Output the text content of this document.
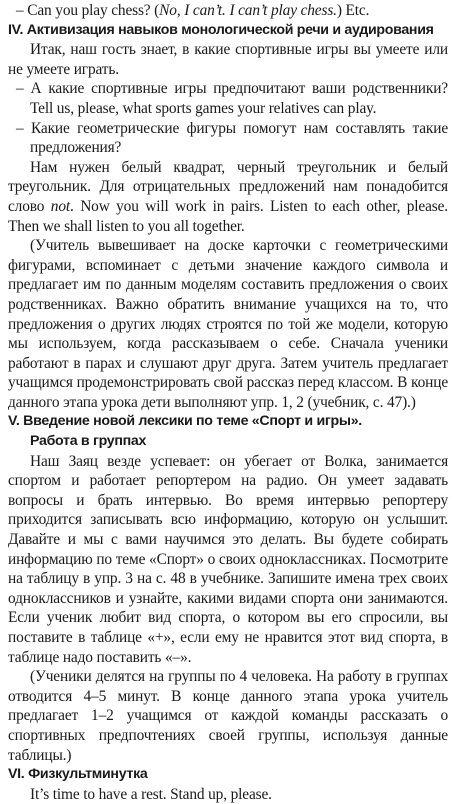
– Can you play chess? (No, I can’t. I can’t play chess.) Etc.

IV. Активизация навыков монологической речи и аудирования

Итак, наш гость знает, в какие спортивные игры вы умеете или не умеете играть.

– А какие спортивные игры предпочитают ваши родственники? Tell us, please, what sports games your relatives can play.

– Какие геометрические фигуры помогут нам составлять такие предложения?

Нам нужен белый квадрат, черный треугольник и белый треугольник. Для отрицательных предложений нам понадобится слово not. Now you will work in pairs. Listen to each other, please. Then we shall listen to you all together.

(Учитель вывешивает на доске карточки с геометрическими фигурами, вспоминает с детьми значение каждого символа и предлагает им по данным моделям составить предложения о своих родственниках. Важно обратить внимание учащихся на то, что предложения о других людях строятся по той же модели, которую мы используем, когда рассказываем о себе. Сначала ученики работают в парах и слушают друг друга. Затем учитель предлагает учащимся продемонстрировать свой рассказ перед классом. В конце данного этапа урока дети выполняют упр. 1, 2 (учебник, с. 47).)

V. Введение новой лексики по теме «Спорт и игры».

Работа в группах

Наш Заяц везде успевает: он убегает от Волка, занимается спортом и работает репортером на радио. Он умеет задавать вопросы и брать интервью. Во время интервью репортеру приходится записывать всю информацию, которую он услышит. Давайте и мы с вами научимся это делать. Вы будете собирать информацию по теме «Спорт» о своих одноклассниках. Посмотрите на таблицу в упр. 3 на с. 48 в учебнике. Запишите имена трех своих одноклассников и узнайте, какими видами спорта они занимаются. Если ученик любит вид спорта, о котором вы его спросили, вы поставите в таблице «+», если ему не нравится этот вид спорта, в таблице надо поставить «–».

(Ученики делятся на группы по 4 человека. На работу в группах отводится 4–5 минут. В конце данного этапа урока учитель предлагает 1–2 учащимся от каждой команды рассказать о спортивных предпочтениях своей группы, используя данные таблицы.)

VI. Физкультминутка

It’s time to have a rest. Stand up, please.
